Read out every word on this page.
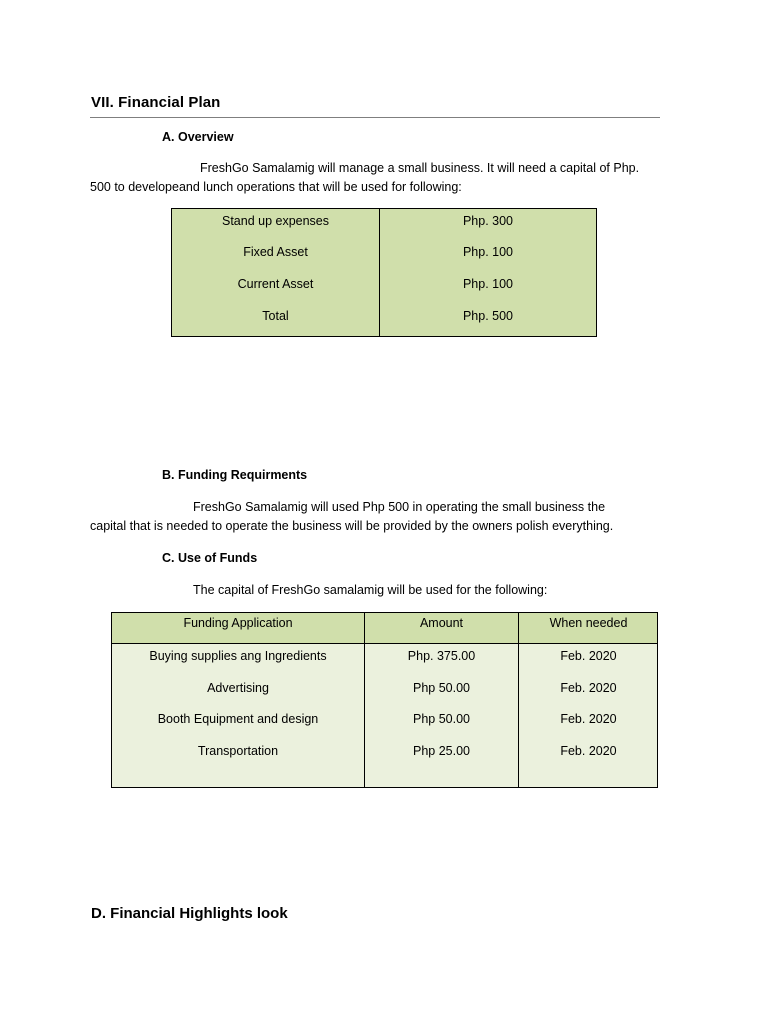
VII. Financial Plan
A. Overview
FreshGo Samalamig will manage a small business. It will need a capital of Php.
500 to developeand lunch operations that will be used for following:
Stand up expenses	Php. 300
Fixed Asset	Php. 100
Current Asset	Php. 100
Total	Php. 500
B. Funding Requirments
FreshGo Samalamig will used Php 500 in operating the small business the
capital that is needed to operate the business will be provided by the owners polish everything.
C. Use of Funds
The capital of FreshGo samalamig will be used for the following:
Funding Application	Amount	When needed
Buying supplies ang Ingredients	Php. 375.00	Feb. 2020
Advertising	Php 50.00	Feb. 2020
Booth Equipment and design	Php 50.00	Feb. 2020
Transportation	Php 25.00	Feb. 2020
D. Financial Highlights look
